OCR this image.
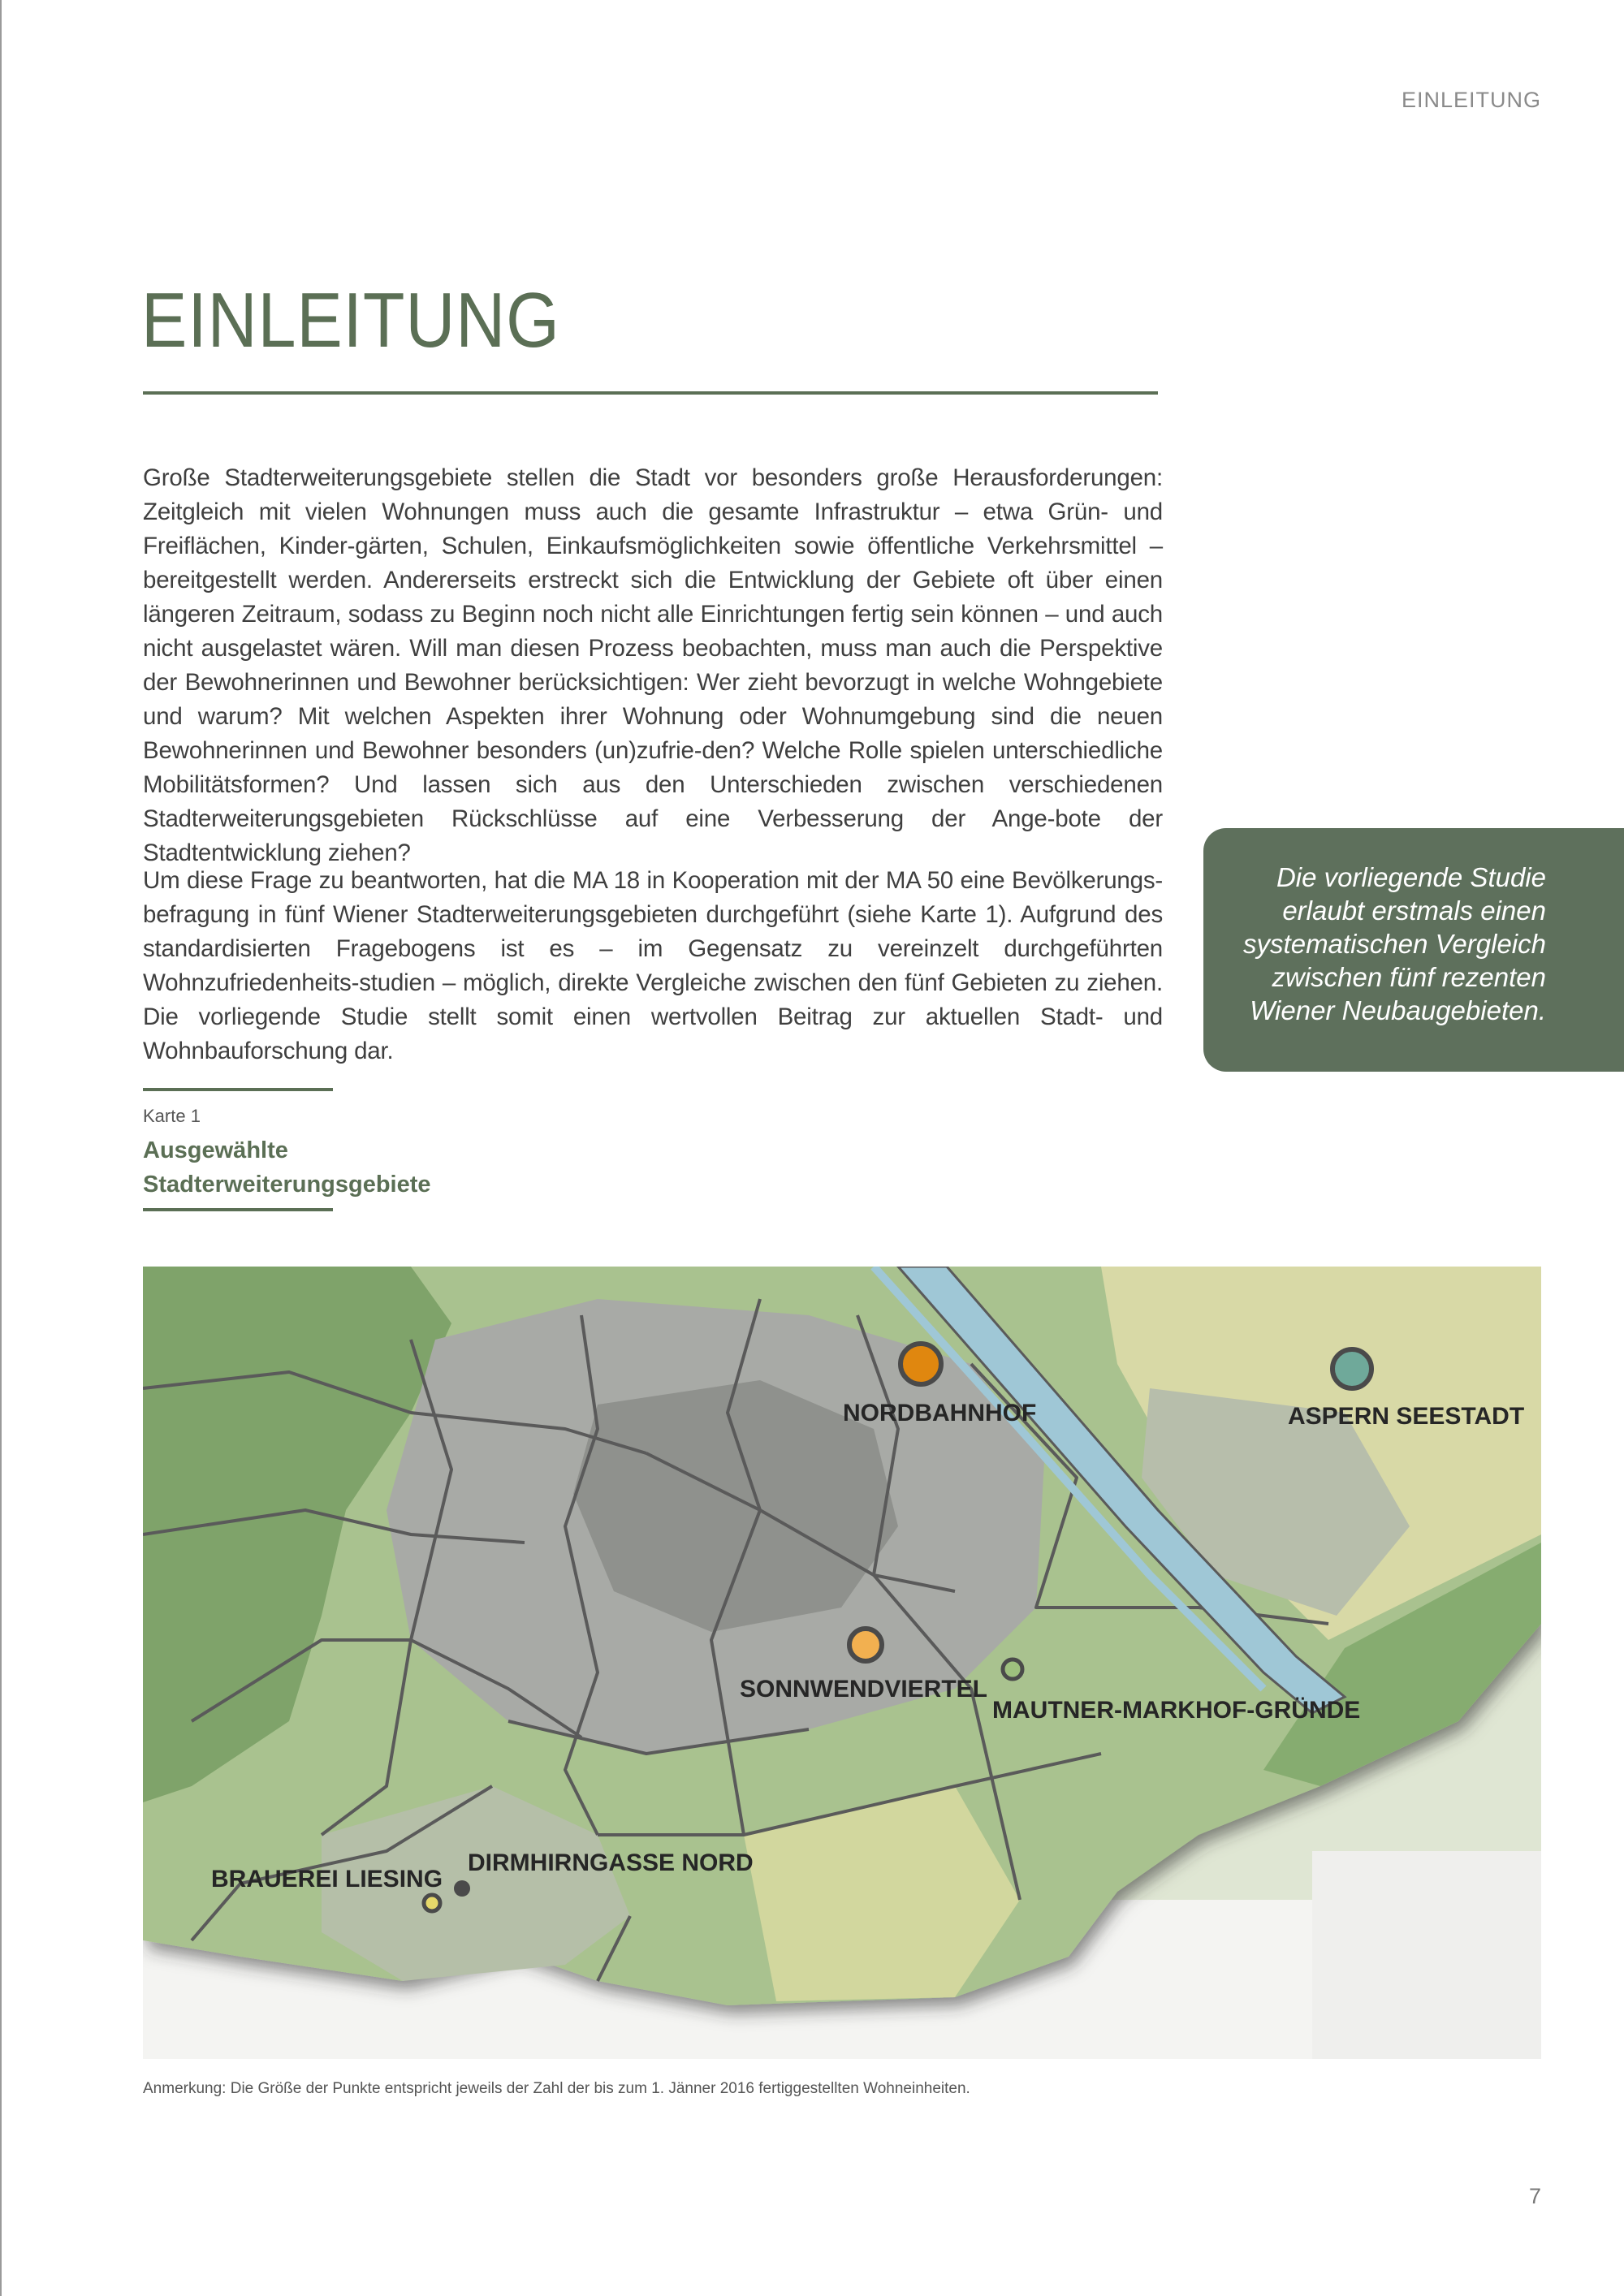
EINLEITUNG
EINLEITUNG

Große Stadterweiterungsgebiete stellen die Stadt vor besonders große Herausforderungen: Zeitgleich mit vielen Wohnungen muss auch die gesamte Infrastruktur – etwa Grün- und Freiflächen, Kinder-gärten, Schulen, Einkaufsmöglichkeiten sowie öffentliche Verkehrsmittel – bereitgestellt werden. Andererseits erstreckt sich die Entwicklung der Gebiete oft über einen längeren Zeitraum, sodass zu Beginn noch nicht alle Einrichtungen fertig sein können – und auch nicht ausgelastet wären. Will man diesen Prozess beobachten, muss man auch die Perspektive der Bewohnerinnen und Bewohner berücksichtigen: Wer zieht bevorzugt in welche Wohngebiete und warum? Mit welchen Aspekten ihrer Wohnung oder Wohnumgebung sind die neuen Bewohnerinnen und Bewohner besonders (un)zufrie-den? Welche Rolle spielen unterschiedliche Mobilitätsformen? Und lassen sich aus den Unterschieden zwischen verschiedenen Stadterweiterungsgebieten Rückschlüsse auf eine Verbesserung der Ange-bote der Stadtentwicklung ziehen?

Um diese Frage zu beantworten, hat die MA 18 in Kooperation mit der MA 50 eine Bevölkerungs-befragung in fünf Wiener Stadterweiterungsgebieten durchgeführt (siehe Karte 1). Aufgrund des standardisierten Fragebogens ist es – im Gegensatz zu vereinzelt durchgeführten Wohnzufriedenheits-studien – möglich, direkte Vergleiche zwischen den fünf Gebieten zu ziehen. Die vorliegende Studie stellt somit einen wertvollen Beitrag zur aktuellen Stadt- und Wohnbauforschung dar.

Die vorliegende Studie erlaubt erstmals einen systematischen Vergleich zwischen fünf rezenten Wiener Neubaugebieten.

Karte 1
Ausgewählte Stadterweiterungsgebiete
NORDBAHNHOF	ASPERN SEESTADT
SONNWENDVIERTEL
MAUTNER-MARKHOF-GRÜNDE
BRAUEREI LIESING
DIRMHIRNGASSE NORD
Anmerkung: Die Größe der Punkte entspricht jeweils der Zahl der bis zum 1. Jänner 2016 fertiggestellten Wohneinheiten.
7
